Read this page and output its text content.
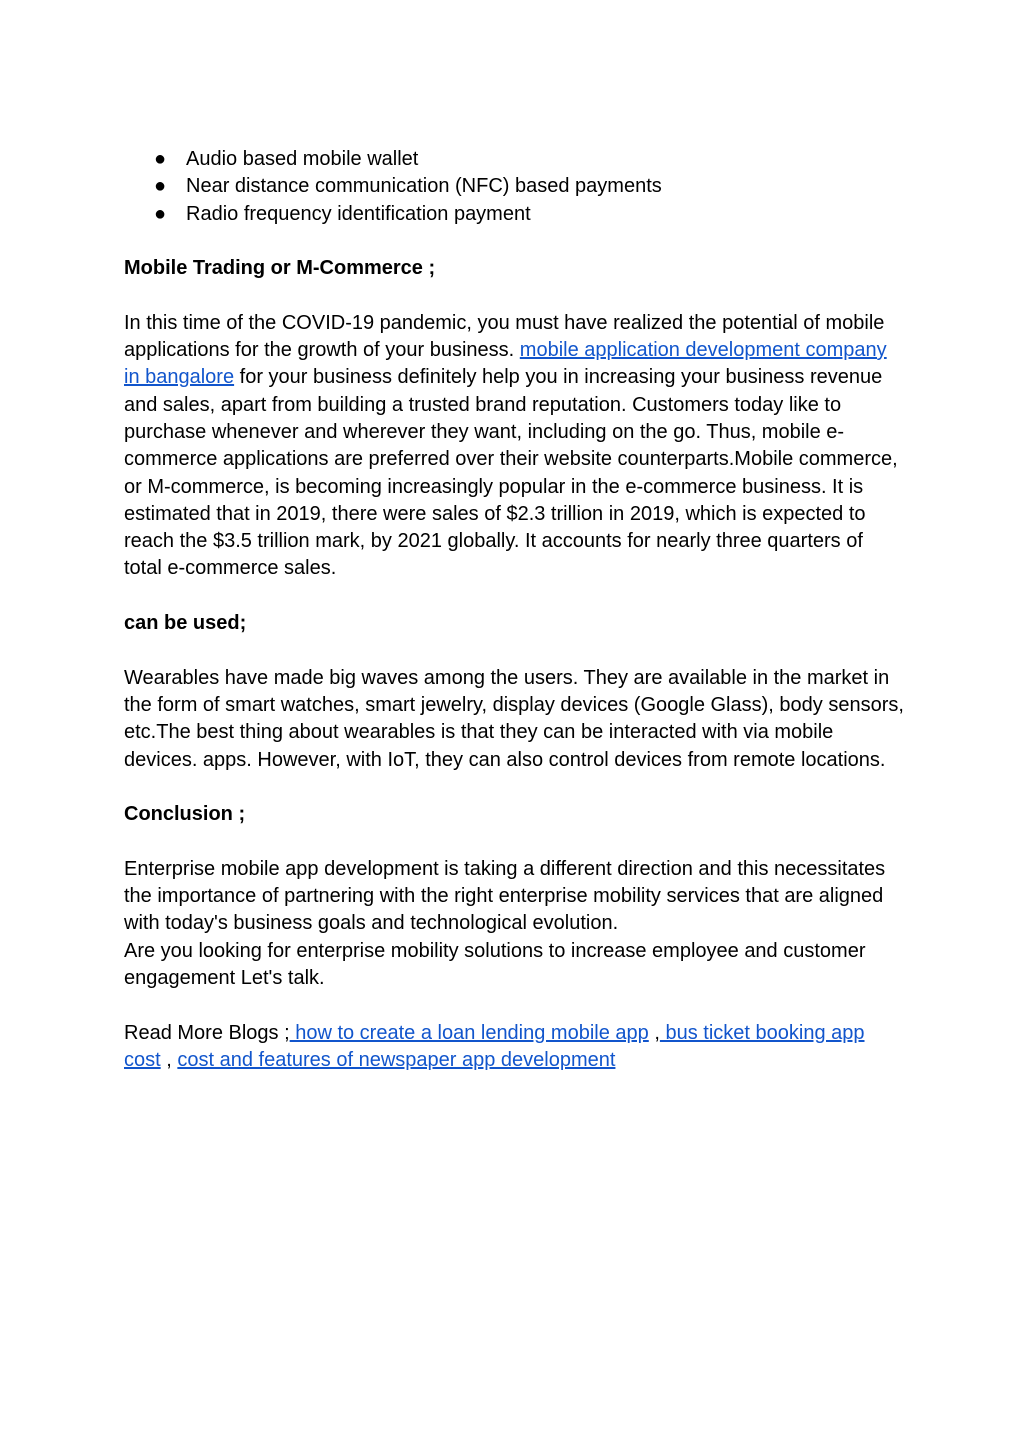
● Audio based mobile wallet
● Near distance communication (NFC) based payments
● Radio frequency identification payment

Mobile Trading or M-Commerce ;

In this time of the COVID-19 pandemic, you must have realized the potential of mobile applications for the growth of your business. mobile application development company in bangalore for your business definitely help you in increasing your business revenue and sales, apart from building a trusted brand reputation. Customers today like to purchase whenever and wherever they want, including on the go. Thus, mobile e-commerce applications are preferred over their website counterparts.Mobile commerce, or M-commerce, is becoming increasingly popular in the e-commerce business. It is estimated that in 2019, there were sales of $2.3 trillion in 2019, which is expected to reach the $3.5 trillion mark, by 2021 globally. It accounts for nearly three quarters of total e-commerce sales.

can be used;

Wearables have made big waves among the users. They are available in the market in the form of smart watches, smart jewelry, display devices (Google Glass), body sensors, etc.The best thing about wearables is that they can be interacted with via mobile devices. apps. However, with IoT, they can also control devices from remote locations.

Conclusion ;

Enterprise mobile app development is taking a different direction and this necessitates the importance of partnering with the right enterprise mobility services that are aligned with today's business goals and technological evolution.

Are you looking for enterprise mobility solutions to increase employee and customer engagement Let's talk.

Read More Blogs ; how to create a loan lending mobile app , bus ticket booking app cost , cost and features of newspaper app development
